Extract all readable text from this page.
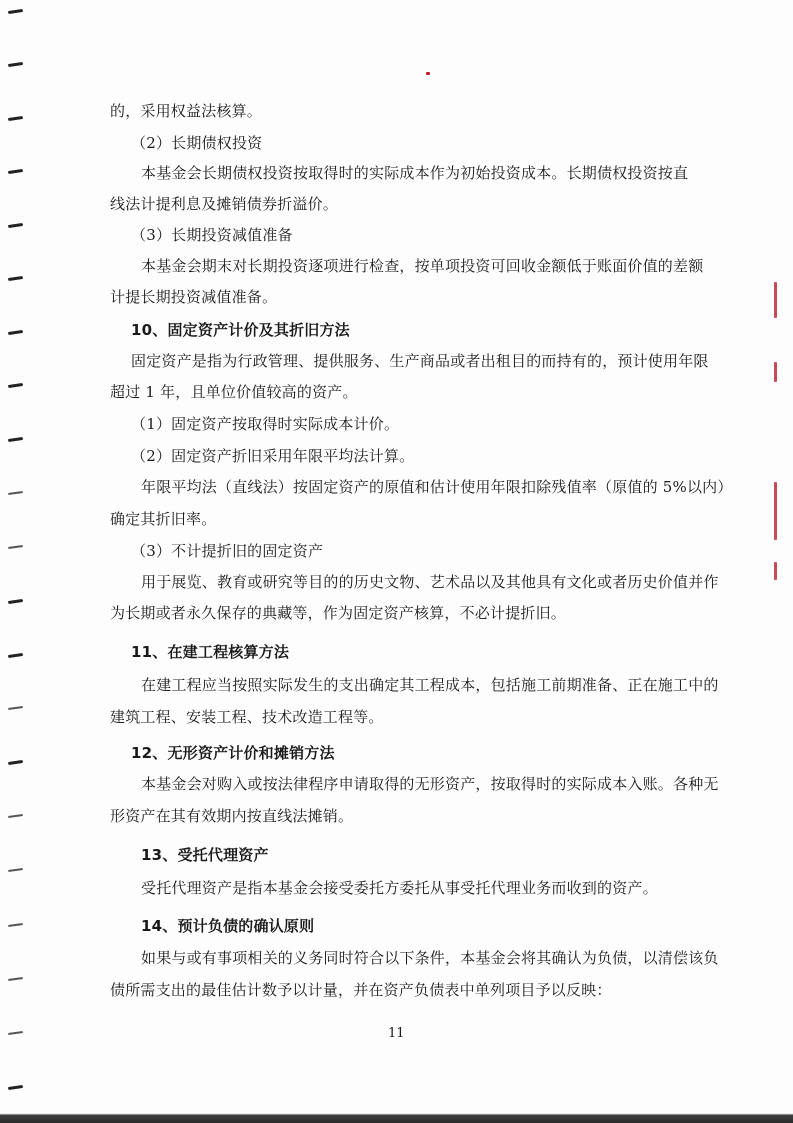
的，采用权益法核算。
（2）长期债权投资
本基金会长期债权投资按取得时的实际成本作为初始投资成本。长期债权投资按直
线法计提利息及摊销债券折溢价。
（3）长期投资减值准备
本基金会期末对长期投资逐项进行检查，按单项投资可回收金额低于账面价值的差额
计提长期投资减值准备。
10、固定资产计价及其折旧方法
固定资产是指为行政管理、提供服务、生产商品或者出租目的而持有的，预计使用年限
超过 1 年，且单位价值较高的资产。
（1）固定资产按取得时实际成本计价。
（2）固定资产折旧采用年限平均法计算。
年限平均法（直线法）按固定资产的原值和估计使用年限扣除残值率（原值的 5%以内）
确定其折旧率。
（3）不计提折旧的固定资产
用于展览、教育或研究等目的的历史文物、艺术品以及其他具有文化或者历史价值并作
为长期或者永久保存的典藏等，作为固定资产核算，不必计提折旧。
11、在建工程核算方法
在建工程应当按照实际发生的支出确定其工程成本，包括施工前期准备、正在施工中的
建筑工程、安装工程、技术改造工程等。
12、无形资产计价和摊销方法
本基金会对购入或按法律程序申请取得的无形资产，按取得时的实际成本入账。各种无
形资产在其有效期内按直线法摊销。
13、受托代理资产
受托代理资产是指本基金会接受委托方委托从事受托代理业务而收到的资产。
14、预计负债的确认原则
如果与或有事项相关的义务同时符合以下条件，本基金会将其确认为负债，以清偿该负
债所需支出的最佳估计数予以计量，并在资产负债表中单列项目予以反映：
11
